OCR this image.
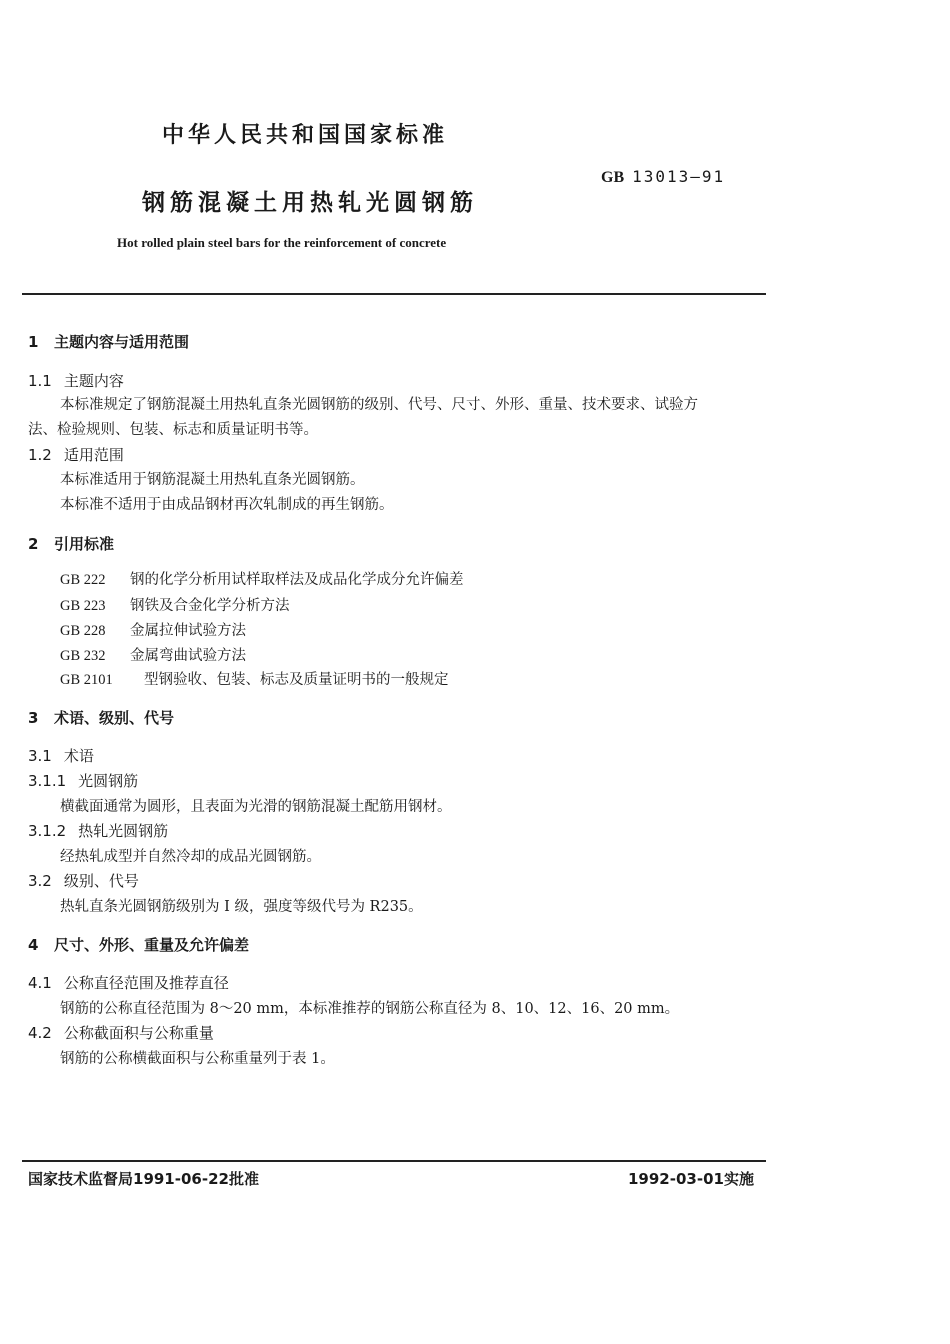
中华人民共和国国家标准
GB 13013—91
钢筋混凝土用热轧光圆钢筋
Hot rolled plain steel bars for the reinforcement of concrete
1 主题内容与适用范围
1.1 主题内容
本标准规定了钢筋混凝土用热轧直条光圆钢筋的级别、代号、尺寸、外形、重量、技术要求、试验方
法、检验规则、包装、标志和质量证明书等。
1.2 适用范围
本标准适用于钢筋混凝土用热轧直条光圆钢筋。
本标准不适用于由成品钢材再次轧制成的再生钢筋。
2 引用标准
GB 222 钢的化学分析用试样取样法及成品化学成分允许偏差
GB 223 钢铁及合金化学分析方法
GB 228 金属拉伸试验方法
GB 232 金属弯曲试验方法
GB 2101 型钢验收、包装、标志及质量证明书的一般规定
3 术语、级别、代号
3.1 术语
3.1.1 光圆钢筋
横截面通常为圆形，且表面为光滑的钢筋混凝土配筋用钢材。
3.1.2 热轧光圆钢筋
经热轧成型并自然冷却的成品光圆钢筋。
3.2 级别、代号
热轧直条光圆钢筋级别为 I 级，强度等级代号为 R235。
4 尺寸、外形、重量及允许偏差
4.1 公称直径范围及推荐直径
钢筋的公称直径范围为 8～20 mm，本标准推荐的钢筋公称直径为 8、10、12、16、20 mm。
4.2 公称截面积与公称重量
钢筋的公称横截面积与公称重量列于表 1。
国家技术监督局1991-06-22批准	1992-03-01实施
